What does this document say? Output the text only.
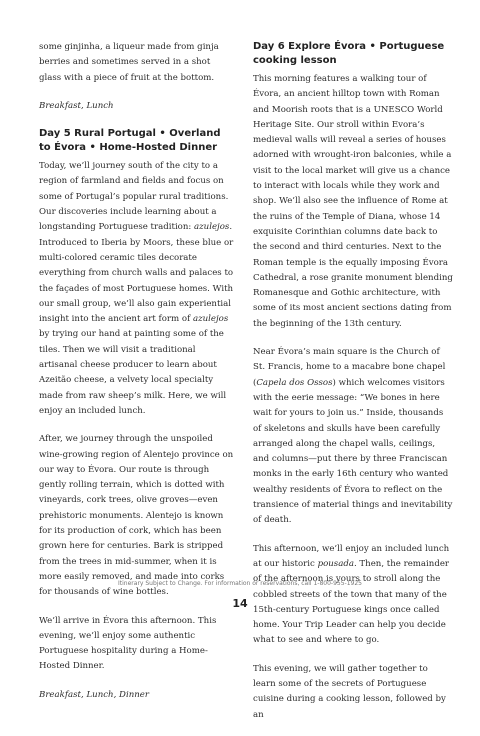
some ginjinha, a liqueur made from ginja berries and sometimes served in a shot glass with a piece of fruit at the bottom.

Breakfast, Lunch

Day 5 Rural Portugal • Overland to Évora • Home-Hosted Dinner

Today, we’ll journey south of the city to a region of farmland and fields and focus on some of Portugal’s popular rural traditions. Our discoveries include learning about a longstanding Portuguese tradition: azulejos. Introduced to Iberia by Moors, these blue or multi-colored ceramic tiles decorate everything from church walls and palaces to the façades of most Portuguese homes. With our small group, we’ll also gain experiential insight into the ancient art form of azulejos by trying our hand at painting some of the tiles. Then we will visit a traditional artisanal cheese producer to learn about Azeitão cheese, a velvety local specialty made from raw sheep’s milk. Here, we will enjoy an included lunch.

After, we journey through the unspoiled wine-growing region of Alentejo province on our way to Évora. Our route is through gently rolling terrain, which is dotted with vineyards, cork trees, olive groves—even prehistoric monuments. Alentejo is known for its production of cork, which has been grown here for centuries. Bark is stripped from the trees in mid-summer, when it is more easily removed, and made into corks for thousands of wine bottles.

We’ll arrive in Évora this afternoon. This evening, we’ll enjoy some authentic Portuguese hospitality during a Home-Hosted Dinner.

Breakfast, Lunch, Dinner

Day 6 Explore Évora • Portuguese cooking lesson

This morning features a walking tour of Évora, an ancient hilltop town with Roman and Moorish roots that is a UNESCO World Heritage Site. Our stroll within Evora’s medieval walls will reveal a series of houses adorned with wrought-iron balconies, while a visit to the local market will give us a chance to interact with locals while they work and shop. We’ll also see the influence of Rome at the ruins of the Temple of Diana, whose 14 exquisite Corinthian columns date back to the second and third centuries. Next to the Roman temple is the equally imposing Évora Cathedral, a rose granite monument blending Romanesque and Gothic architecture, with some of its most ancient sections dating from the beginning of the 13th century.

Near Évora’s main square is the Church of St. Francis, home to a macabre bone chapel (Capela dos Ossos) which welcomes visitors with the eerie message: “We bones in here wait for yours to join us.” Inside, thousands of skeletons and skulls have been carefully arranged along the chapel walls, ceilings, and columns—put there by three Franciscan monks in the early 16th century who wanted wealthy residents of Évora to reflect on the transience of material things and inevitability of death.

This afternoon, we’ll enjoy an included lunch at our historic pousada. Then, the remainder of the afternoon is yours to stroll along the cobbled streets of the town that many of the 15th-century Portuguese kings once called home. Your Trip Leader can help you decide what to see and where to go.

This evening, we will gather together to learn some of the secrets of Portuguese cuisine during a cooking lesson, followed by an

Itinerary Subject to Change. For information or reservations, call 1-800-955-1925
14
